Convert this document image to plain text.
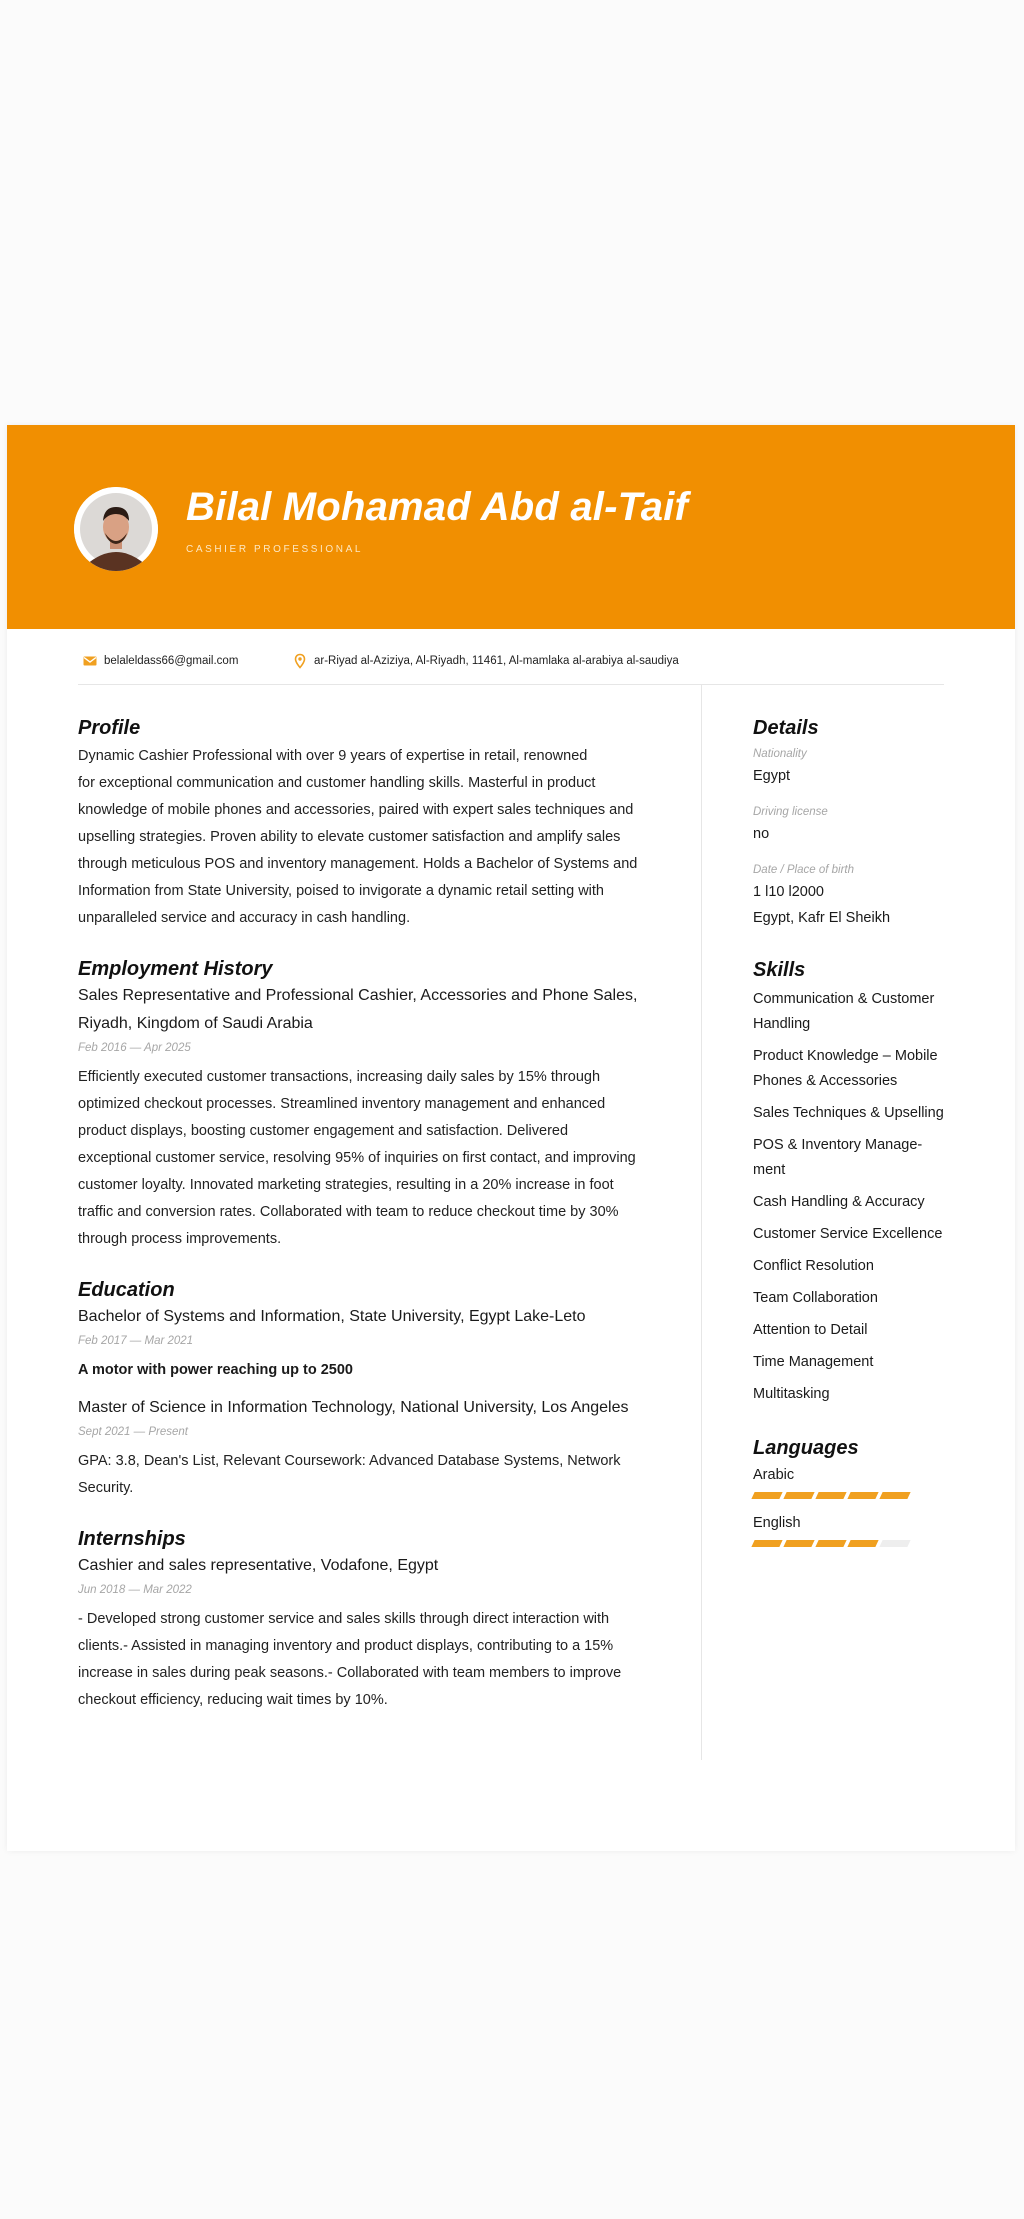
Bilal Mohamad Abd al-Taif
CASHIER PROFESSIONAL
belaleldass66@gmail.com	ar-Riyad al-Aziziya, Al-Riyadh, 11461, Al-mamlaka al-arabiya al-saudiya
Profile

Dynamic Cashier Professional with over 9 years of expertise in retail, renowned

for exceptional communication and customer handling skills. Masterful in product

knowledge of mobile phones and accessories, paired with expert sales techniques and

upselling strategies. Proven ability to elevate customer satisfaction and amplify sales

through meticulous POS and inventory management. Holds a Bachelor of Systems and

Information from State University, poised to invigorate a dynamic retail setting with

unparalleled service and accuracy in cash handling.

Employment History

Sales Representative and Professional Cashier, Accessories and Phone Sales,

Riyadh, Kingdom of Saudi Arabia

Feb 2016 — Apr 2025

Efficiently executed customer transactions, increasing daily sales by 15% through

optimized checkout processes. Streamlined inventory management and enhanced

product displays, boosting customer engagement and satisfaction. Delivered

exceptional customer service, resolving 95% of inquiries on first contact, and improving

customer loyalty. Innovated marketing strategies, resulting in a 20% increase in foot

traffic and conversion rates. Collaborated with team to reduce checkout time by 30%

through process improvements.

Education

Bachelor of Systems and Information, State University, Egypt Lake-Leto

Feb 2017 — Mar 2021

A motor with power reaching up to 2500

Master of Science in Information Technology, National University, Los Angeles

Sept 2021 — Present

GPA: 3.8, Dean's List, Relevant Coursework: Advanced Database Systems, Network

Security.

Internships

Cashier and sales representative, Vodafone, Egypt

Jun 2018 — Mar 2022

- Developed strong customer service and sales skills through direct interaction with

clients.- Assisted in managing inventory and product displays, contributing to a 15%

increase in sales during peak seasons.- Collaborated with team members to improve

checkout efficiency, reducing wait times by 10%.

Details

Nationality

Egypt

Driving license

no

Date / Place of birth

1 l10 l2000

Egypt, Kafr El Sheikh

Skills

Communication & Customer

Handling

Product Knowledge – Mobile

Phones & Accessories

Sales Techniques & Upselling

POS & Inventory Manage-

ment

Cash Handling & Accuracy

Customer Service Excellence

Conflict Resolution

Team Collaboration

Attention to Detail

Time Management

Multitasking

Languages

Arabic

English
